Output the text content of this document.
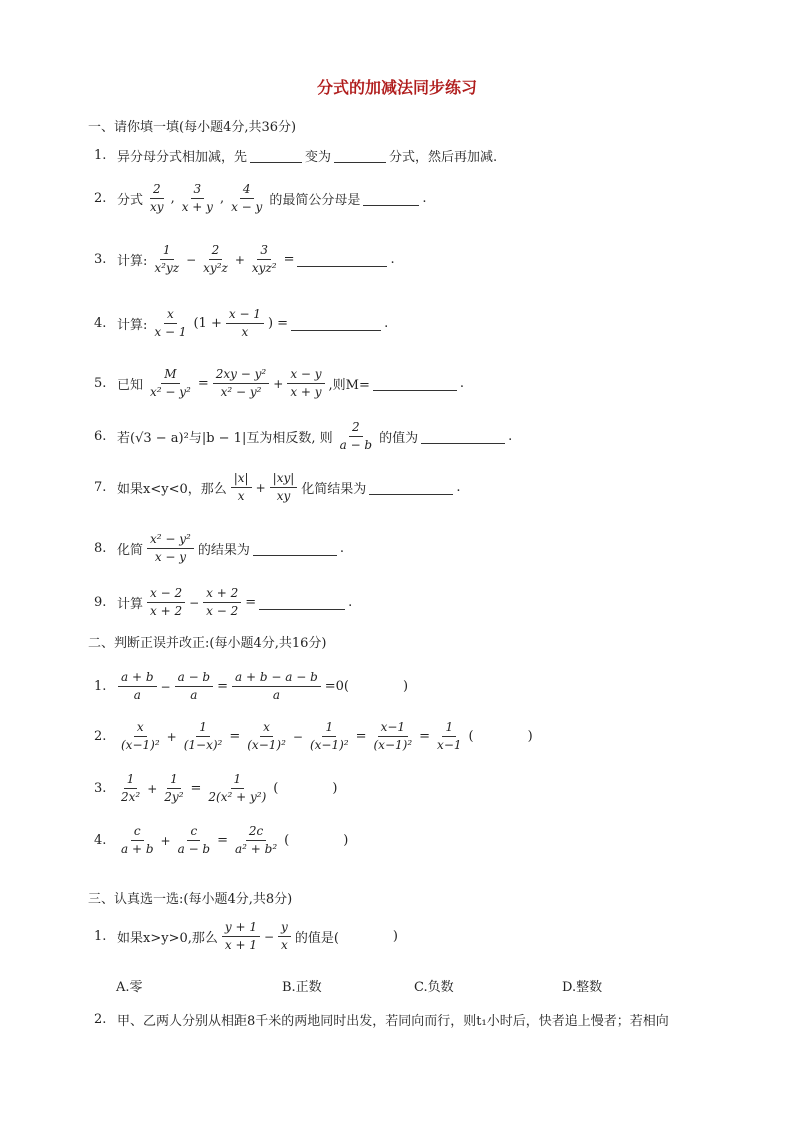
分式的加减法同步练习
一、请你填一填(每小题4分,共36分)
1. 异分母分式相加减，先	变为	分式，然后再加减.
2. 分式 $\frac{2}{xy}$ , $\frac{3}{x + y}$ , $\frac{4}{x - y}$ 的最简公分母是	.
3. 计算: $\frac{1}{\text{x²yz}} - \frac{2}{\text{xy²z}} + \frac{3}{\text{xyz²}}$ =	.
4. 计算: $\frac{x}{x - 1} (1 + \frac{x - 1}{x}$ ) =	.
5. 已知 $\frac{M}{\text{x² − y²}} = \frac{\text{2xy − y²}}{\text{x² − y²}} + \frac{x - y}{x + y}$ ,则M=	.
6. 若(√3 − a)²与|b − 1|互为相反数, 则 $\frac{2}{a - b}$ 的值为	.
7. 如果x<y<0，那么 $\frac{|x|}{x} + \frac{|xy|}{xy}$ 化简结果为	.
8. 化简 $\frac{\text{x² − y²}}{x - y}$ 的结果为	.
9. 计算 $\frac{x - 2}{x + 2} - \frac{x + 2}{x - 2}$ =	.
二、判断正误并改正:(每小题4分,共16分)
1. $\frac{a + b}{a} - \frac{a - b}{a} = \frac{a + b - a - b}{a} =0$(	)
2. $\frac{x}{\text{(x−1)²}} + \frac{1}{\text{(1−x)²}} = \frac{x}{\text{(x−1)²}} - \frac{1}{\text{(x−1)²}} = \frac{x-1}{\text{(x−1)²}} = \frac{1}{x-1}$ (	)
3. $\frac{1}{\text{2x²}} + \frac{1}{\text{2y²}} = \frac{1}{\text{2(x² + y²)}}$ (	)
4. $\frac{c}{a + b} + \frac{c}{a - b} = \frac{2c}{\text{a² + b²}}$ (	)
三、认真选一选:(每小题4分,共8分)
1. 如果x>y>0,那么 $\frac{y + 1}{x + 1} - \frac{y}{x}$ 的值是(	)
A.零	B.正数	C.负数	D.整数
2. 甲、乙两人分别从相距8千米的两地同时出发，若同向而行，则t₁小时后，快者追上慢者；若相向
